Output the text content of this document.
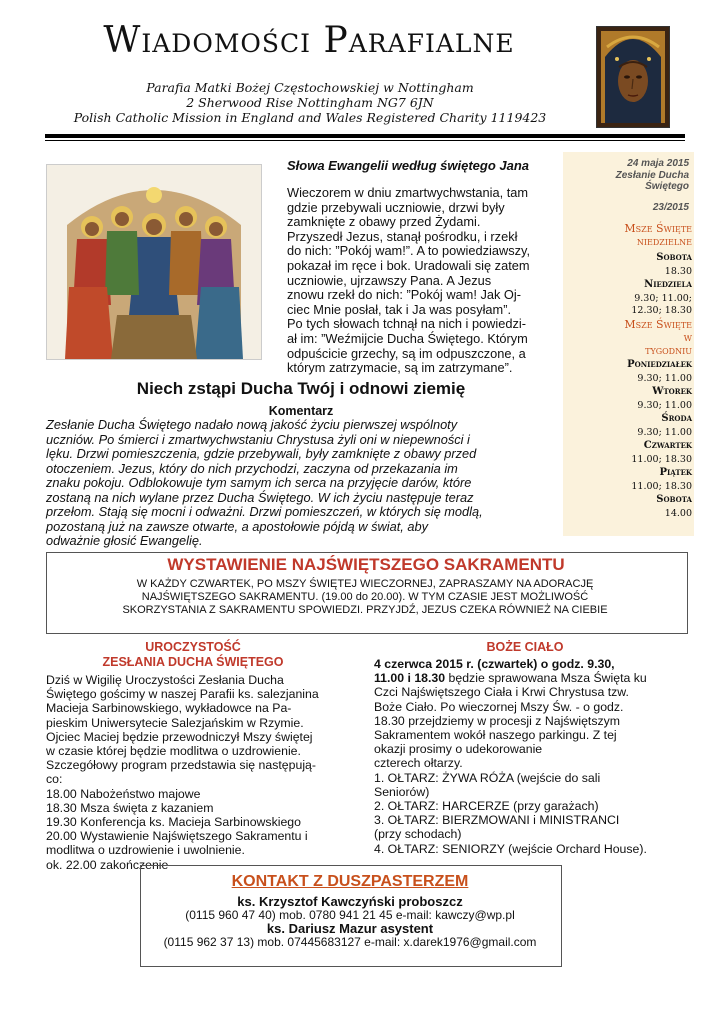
Wiadomości Parafialne
Parafia Matki Bożej Częstochowskiej w Nottingham
2 Sherwood Rise Nottingham NG7 6JN
Polish Catholic Mission in England and Wales Registered Charity 1119423
Słowa Ewangelii według świętego Jana
Wieczorem w dniu zmartwychwstania, tam
gdzie przebywali uczniowie, drzwi były
zamknięte z obawy przed Żydami.
Przyszedł Jezus, stanął pośrodku, i rzekł
do nich: ”Pokój wam!”. A to powiedziawszy,
pokazał im ręce i bok. Uradowali się zatem
uczniowie, ujrzawszy Pana. A Jezus
znowu rzekł do nich: ”Pokój wam! Jak Oj-
ciec Mnie posłał, tak i Ja was posyłam”.
Po tych słowach tchnął na nich i powiedzi-
ał im: ”Weźmijcie Ducha Świętego. Którym
odpuścicie grzechy, są im odpuszczone, a
którym zatrzymacie, są im zatrzymane”.
24 maja 2015
Zesłanie Ducha
Świętego
23/2015
Msze Święte
niedzielne
Sobota
18.30
Niedziela
9.30; 11.00;
12.30; 18.30
Msze Święte
w
tygodniu
Poniedziałek
9.30; 11.00
Wtorek
9.30; 11.00
Środa
9.30; 11.00
Czwartek
11.00; 18.30
Piątek
11.00; 18.30
Sobota
14.00
Niech zstąpi Ducha Twój i odnowi ziemię
Komentarz
Zesłanie Ducha Świętego nadało nową jakość życiu pierwszej wspólnoty
uczniów. Po śmierci i zmartwychwstaniu Chrystusa żyli oni w niepewności i
lęku. Drzwi pomieszczenia, gdzie przebywali, były zamknięte z obawy przed
otoczeniem. Jezus, który do nich przychodzi, zaczyna od przekazania im
znaku pokoju. Odblokowuje tym samym ich serca na przyjęcie darów, które
zostaną na nich wylane przez Ducha Świętego. W ich życiu następuje teraz
przełom. Stają się mocni i odważni. Drzwi pomieszczeń, w których się modlą,
pozostaną już na zawsze otwarte, a apostołowie pójdą w świat, aby
odważnie głosić Ewangelię.
WYSTAWIENIE NAJŚWIĘTSZEGO SAKRAMENTU
W KAŻDY CZWARTEK, PO MSZY ŚWIĘTEJ WIECZORNEJ, ZAPRASZAMY NA ADORACJĘ
NAJŚWIĘTSZEGO SAKRAMENTU. (19.00 do 20.00). W TYM CZASIE JEST MOŻLIWOŚĆ
SKORZYSTANIA Z SAKRAMENTU SPOWIEDZI. PRZYJDŹ, JEZUS CZEKA RÓWNIEŻ NA CIEBIE
UROCZYSTOŚĆ
ZESŁANIA DUCHA ŚWIĘTEGO
Dziś w Wigilię Uroczystości Zesłania Ducha
Świętego gościmy w naszej Parafii ks. salezjanina
Macieja Sarbinowskiego, wykładowce na Pa-
pieskim Uniwersytecie Salezjańskim w Rzymie.
Ojciec Maciej będzie przewodniczył Mszy świętej
w czasie której będzie modlitwa o uzdrowienie.
Szczegółowy program przedstawia się następują-
co:
18.00 Nabożeństwo majowe
18.30 Msza święta z kazaniem
19.30 Konferencja ks. Macieja Sarbinowskiego
20.00 Wystawienie Najświętszego Sakramentu i
modlitwa o uzdrowienie i uwolnienie.
ok. 22.00 zakończenie
BOŻE CIAŁO
4 czerwca 2015 r. (czwartek) o godz. 9.30,
11.00 i 18.30 będzie sprawowana Msza Święta ku
Czci Najświętszego Ciała i Krwi Chrystusa tzw.
Boże Ciało. Po wieczornej Mszy Św. - o godz.
18.30 przejdziemy w procesji z Najświętszym
Sakramentem wokół naszego parkingu. Z tej
okazji prosimy o udekorowanie
czterech ołtarzy.
1. OŁTARZ: ŻYWA RÓŻA (wejście do sali
Seniorów)
2. OŁTARZ: HARCERZE (przy garażach)
3. OŁTARZ: BIERZMOWANI i MINISTRANCI
(przy schodach)
4. OŁTARZ: SENIORZY (wejście Orchard House).
KONTAKT Z DUSZPASTERZEM
ks. Krzysztof Kawczyński proboszcz
(0115 960 47 40) mob. 0780 941 21 45 e-mail: kawczy@wp.pl
ks. Dariusz Mazur asystent
(0115 962 37 13) mob. 07445683127 e-mail: x.darek1976@gmail.com
